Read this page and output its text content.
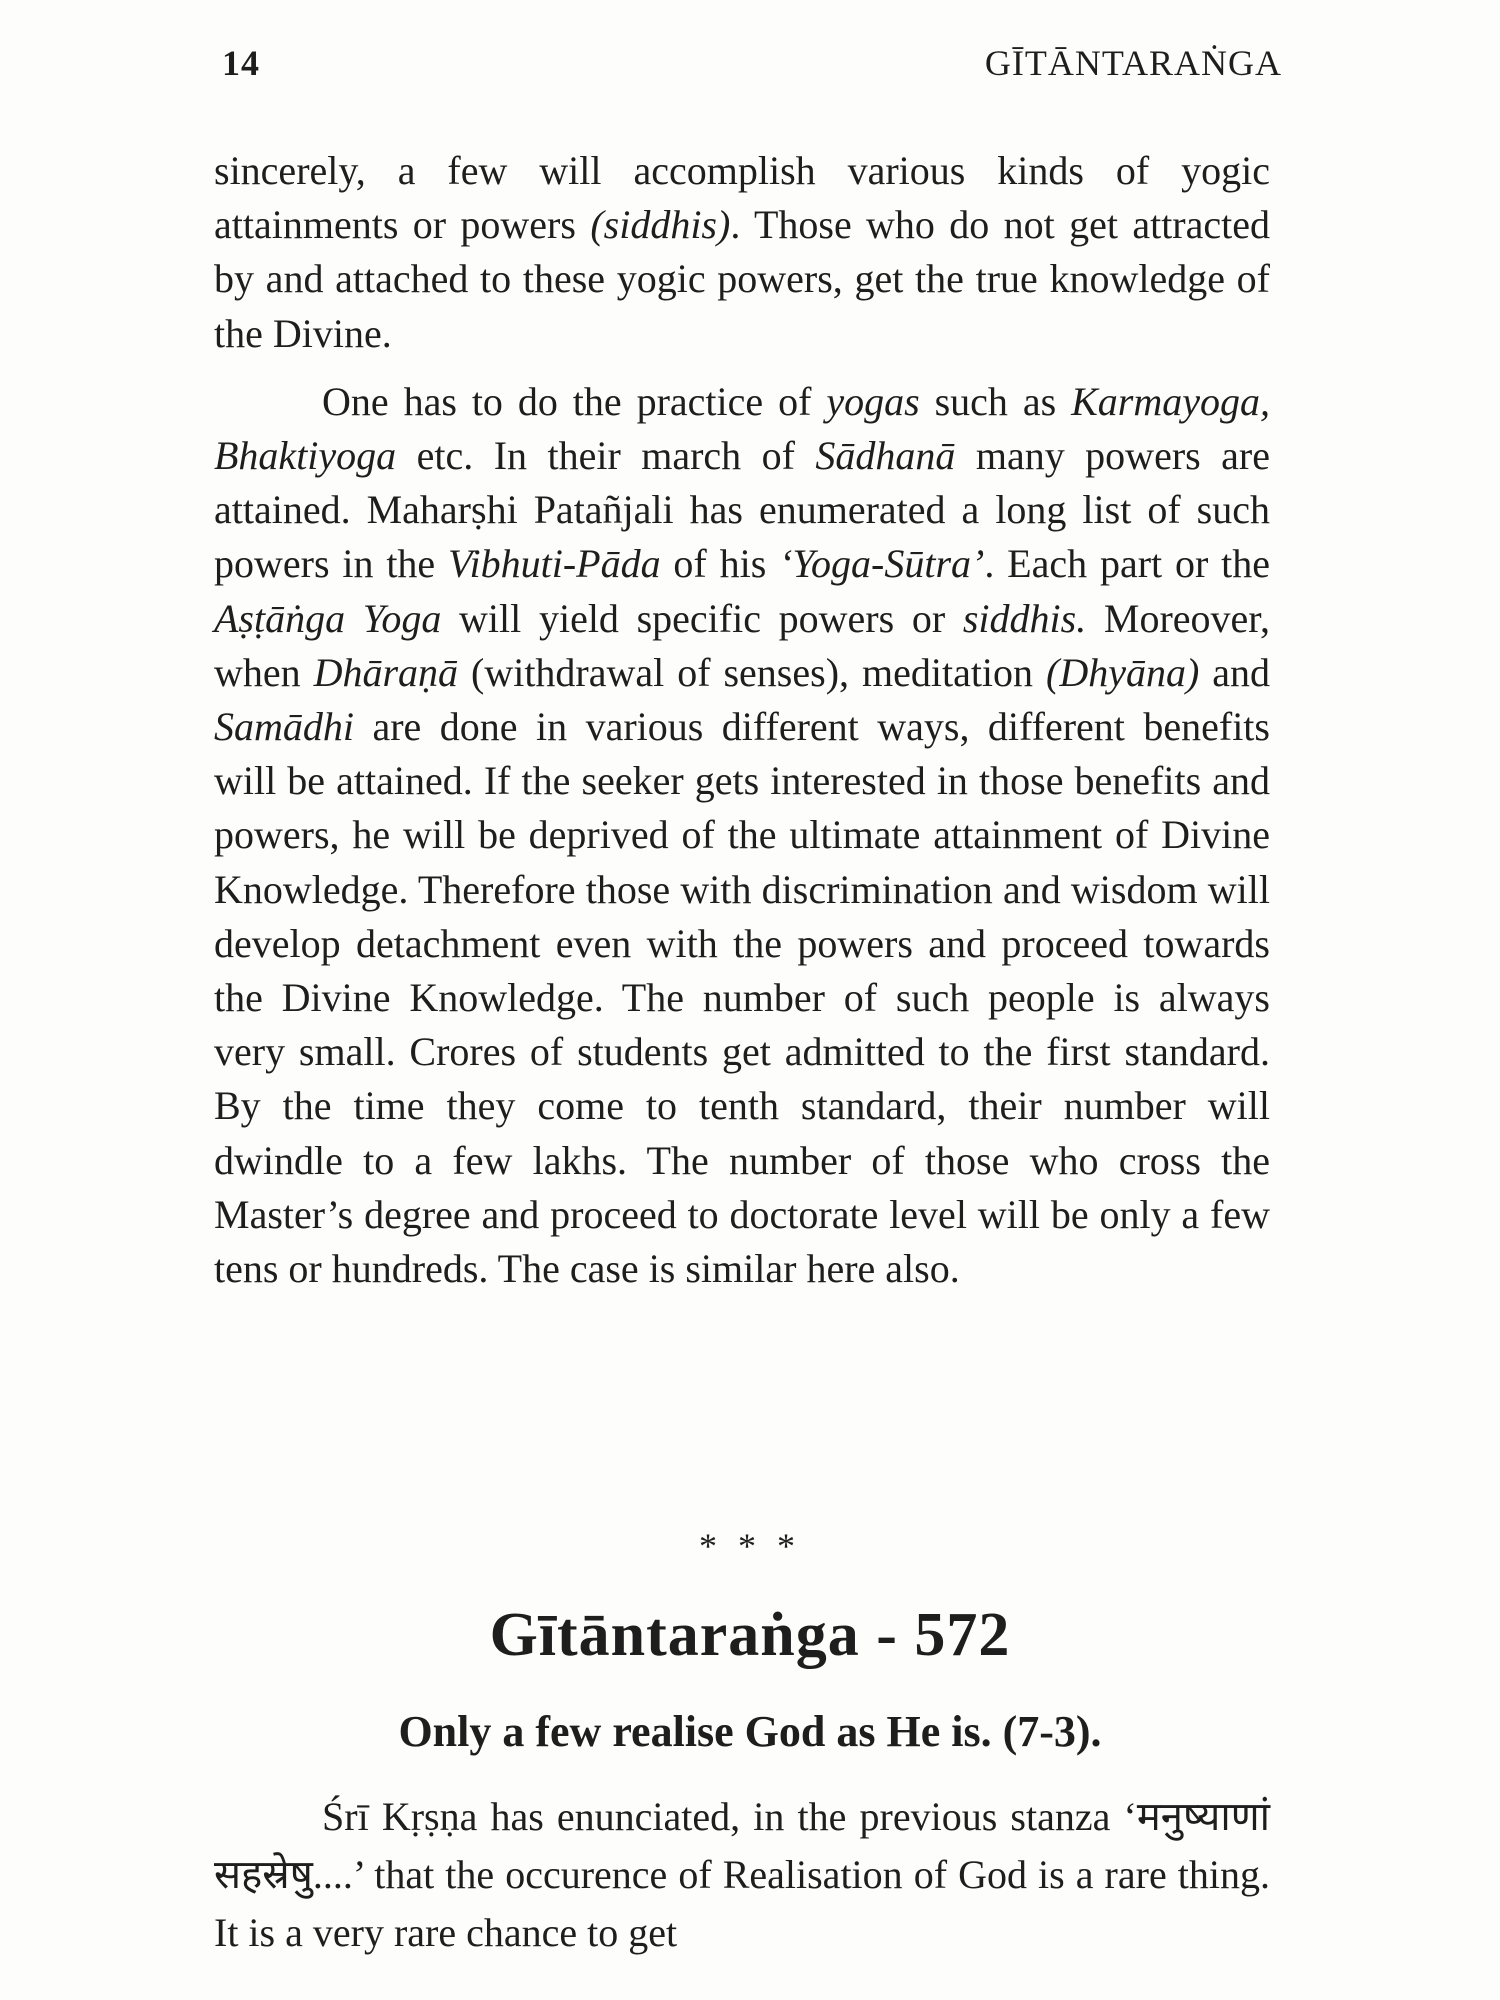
14	GĪTĀNTARAṄGA

sincerely, a few will accomplish various kinds of yogic attainments or powers (siddhis). Those who do not get attracted by and attached to these yogic powers, get the true knowledge of the Divine.

One has to do the practice of yogas such as Karmayoga, Bhaktiyoga etc. In their march of Sādhanā many powers are attained. Maharṣhi Patañjali has enumerated a long list of such powers in the Vibhuti-Pāda of his ‘Yoga-Sūtra’. Each part or the Aṣṭāṅga Yoga will yield specific powers or siddhis. Moreover, when Dhāraṇā (withdrawal of senses), meditation (Dhyāna) and Samādhi are done in various different ways, different benefits will be attained. If the seeker gets interested in those benefits and powers, he will be deprived of the ultimate attainment of Divine Knowledge. Therefore those with discrimination and wisdom will develop detachment even with the powers and proceed towards the Divine Knowledge. The number of such people is always very small. Crores of students get admitted to the first standard. By the time they come to tenth standard, their number will dwindle to a few lakhs. The number of those who cross the Master’s degree and proceed to doctorate level will be only a few tens or hundreds. The case is similar here also.

* * *
Gītāntaraṅga - 572
Only a few realise God as He is. (7-3).

Śrī Kṛṣṇa has enunciated, in the previous stanza ‘मनुष्याणां सहस्रेषु....’ that the occurence of Realisation of God is a rare thing. It is a very rare chance to get
